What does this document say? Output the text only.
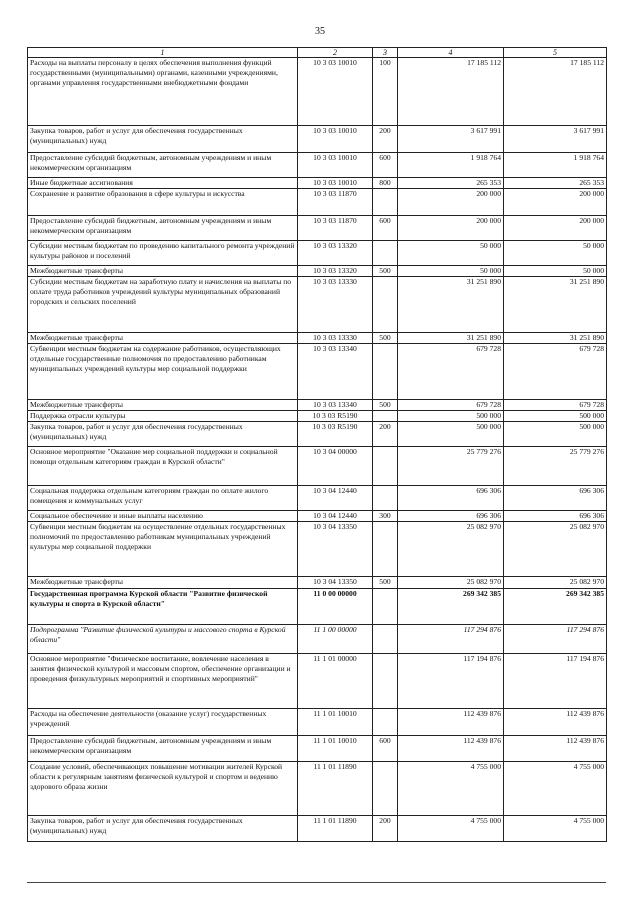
35
1	2	3	4	5
Расходы на выплаты персоналу в целях обеспечения выполнения функций государственными (муниципальными) органами, казенными учреждениями, органами управления государственными внебюджетными фондами	10 3 03 10010	100	17 185 112	17 185 112
Закупка товаров, работ и услуг для обеспечения государственных (муниципальных) нужд	10 3 03 10010	200	3 617 991	3 617 991
Предоставление субсидий бюджетным, автономным учреждениям и иным некоммерческим организациям	10 3 03 10010	600	1 918 764	1 918 764
Иные бюджетные ассигнования	10 3 03 10010	800	265 353	265 353
Сохранение и развитие образования в сфере культуры и искусства	10 3 03 11870		200 000	200 000
Предоставление субсидий бюджетным, автономным учреждениям и иным некоммерческим организациям	10 3 03 11870	600	200 000	200 000
Субсидии местным бюджетам по проведению капитального ремонта учреждений культуры районов и поселений	10 3 03 13320		50 000	50 000
Межбюджетные трансферты	10 3 03 13320	500	50 000	50 000
Субсидии местным бюджетам на заработную плату и начисления на выплаты по оплате труда работников учреждений культуры муниципальных образований городских и сельских поселений	10 3 03 13330		31 251 890	31 251 890
Межбюджетные трансферты	10 3 03 13330	500	31 251 890	31 251 890
Субвенции местным бюджетам на содержание работников, осуществляющих отдельные государственные полномочия по предоставлению работникам муниципальных учреждений культуры мер социальной поддержки	10 3 03 13340		679 728	679 728
Межбюджетные трансферты	10 3 03 13340	500	679 728	679 728
Поддержка отрасли культуры	10 3 03 R5190		500 000	500 000
Закупка товаров, работ и услуг для обеспечения государственных (муниципальных) нужд	10 3 03 R5190	200	500 000	500 000
Основное мероприятие "Оказание мер социальной поддержки и социальной помощи отдельным категориям граждан в Курской области"	10 3 04 00000		25 779 276	25 779 276
Социальная поддержка отдельным категориям граждан по оплате жилого помещения и коммунальных услуг	10 3 04 12440		696 306	696 306
Социальное обеспечение и иные выплаты населению	10 3 04 12440	300	696 306	696 306
Субвенции местным бюджетам на осуществление отдельных государственных полномочий по предоставлению работникам муниципальных учреждений культуры мер социальной поддержки	10 3 04 13350		25 082 970	25 082 970
Межбюджетные трансферты	10 3 04 13350	500	25 082 970	25 082 970
Государственная программа Курской области "Развитие физической культуры и спорта в Курской области"	11 0 00 00000		269 342 385	269 342 385
Подпрограмма "Развитие физической культуры и массового спорта в Курской области"	11 1 00 00000		117 294 876	117 294 876
Основное мероприятие "Физическое воспитание, вовлечение населения в занятия физической культурой и массовым спортом, обеспечение организации и проведения физкультурных мероприятий и спортивных мероприятий"	11 1 01 00000		117 194 876	117 194 876
Расходы на обеспечение деятельности (оказание услуг) государственных учреждений	11 1 01 10010		112 439 876	112 439 876
Предоставление субсидий бюджетным, автономным учреждениям и иным некоммерческим организациям	11 1 01 10010	600	112 439 876	112 439 876
Создание условий, обеспечивающих повышение мотивации жителей Курской области к регулярным занятиям физической культурой и спортом и ведению здорового образа жизни	11 1 01 11890		4 755 000	4 755 000
Закупка товаров, работ и услуг для обеспечения государственных (муниципальных) нужд	11 1 01 11890	200	4 755 000	4 755 000
